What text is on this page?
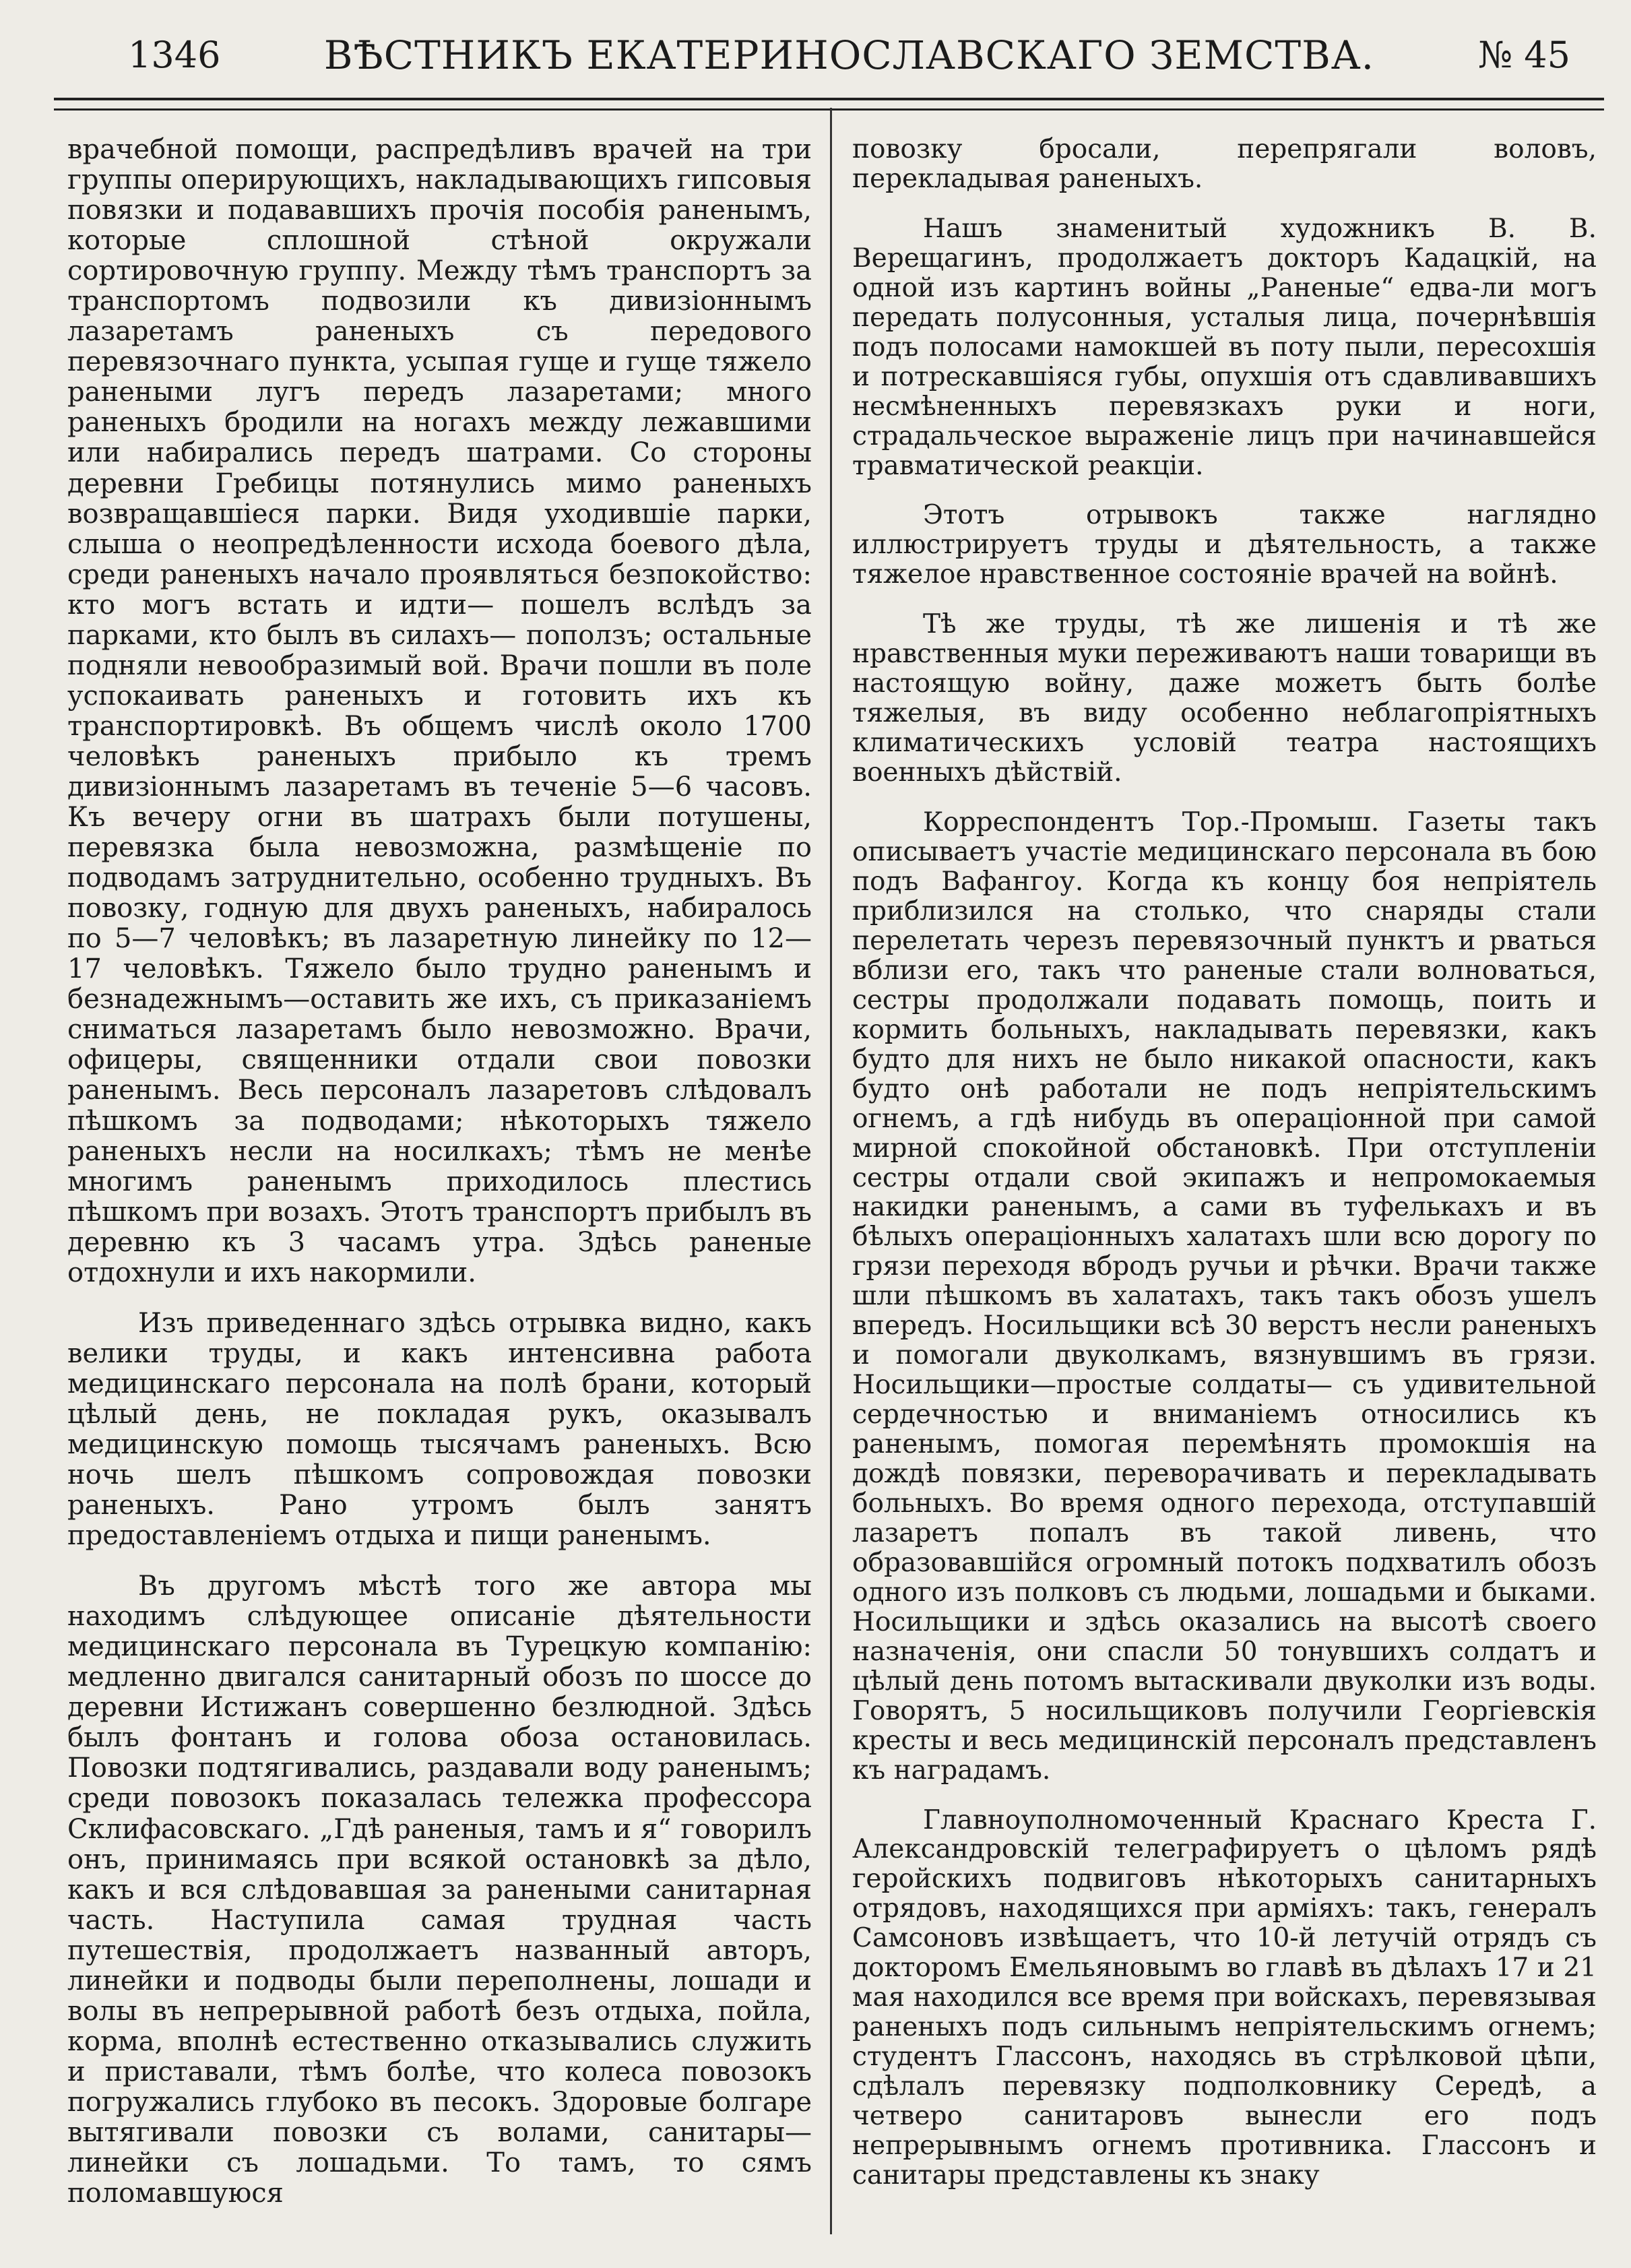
1346	ВѢСТНИКЪ ЕКАТЕРИНОСЛАВСКАГО ЗЕМСТВА.	№ 45

врачебной помощи, распредѣливъ врачей на три группы оперирующихъ, накладывающихъ гипсовыя повязки и подававшихъ прочія пособія раненымъ, которые сплошной стѣной окружали сортировочную группу. Между тѣмъ транспортъ за транспортомъ подвозили къ дивизіоннымъ лазаретамъ раненыхъ съ передового перевязочнаго пункта, усыпая гуще и гуще тяжело ранеными лугъ передъ лазаретами; много раненыхъ бродили на ногахъ между лежавшими или набирались передъ шатрами. Со стороны деревни Гребицы потянулись мимо раненыхъ возвращавшіеся парки. Видя уходившіе парки, слыша о неопредѣленности исхода боевого дѣла, среди раненыхъ начало проявляться безпокойство: кто могъ встать и идти— пошелъ вслѣдъ за парками, кто былъ въ силахъ— поползъ; остальные подняли невообразимый вой. Врачи пошли въ поле успокаивать раненыхъ и готовить ихъ къ транспортировкѣ. Въ общемъ числѣ около 1700 человѣкъ раненыхъ прибыло къ тремъ дивизіоннымъ лазаретамъ въ теченіе 5—6 часовъ. Къ вечеру огни въ шатрахъ были потушены, перевязка была невозможна, размѣщеніе по подводамъ затруднительно, особенно трудныхъ. Въ повозку, годную для двухъ раненыхъ, набиралось по 5—7 человѣкъ; въ лазаретную линейку по 12—17 человѣкъ. Тяжело было трудно раненымъ и безнадежнымъ—оставить же ихъ, съ приказаніемъ сниматься лазаретамъ было невозможно. Врачи, офицеры, священники отдали свои повозки раненымъ. Весь персоналъ лазаретовъ слѣдовалъ пѣшкомъ за подводами; нѣкоторыхъ тяжело раненыхъ несли на носилкахъ; тѣмъ не менѣе многимъ раненымъ приходилось плестись пѣшкомъ при возахъ. Этотъ транспортъ прибылъ въ деревню къ 3 часамъ утра. Здѣсь раненые отдохнули и ихъ накормили.

Изъ приведеннаго здѣсь отрывка видно, какъ велики труды, и какъ интенсивна работа медицинскаго персонала на полѣ брани, который цѣлый день, не покладая рукъ, оказывалъ медицинскую помощь тысячамъ раненыхъ. Всю ночь шелъ пѣшкомъ сопровождая повозки раненыхъ. Рано утромъ былъ занятъ предоставленіемъ отдыха и пищи раненымъ.

Въ другомъ мѣстѣ того же автора мы находимъ слѣдующее описаніе дѣятельности медицинскаго персонала въ Турецкую компанію: медленно двигался санитарный обозъ по шоссе до деревни Истижанъ совершенно безлюдной. Здѣсь былъ фонтанъ и голова обоза остановилась. Повозки подтягивались, раздавали воду раненымъ; среди повозокъ показалась тележка профессора Склифасовскаго. „Гдѣ раненыя, тамъ и я“ говорилъ онъ, принимаясь при всякой остановкѣ за дѣло, какъ и вся слѣдовавшая за ранеными санитарная часть. Наступила самая трудная часть путешествія, продолжаетъ названный авторъ, линейки и подводы были переполнены, лошади и волы въ непрерывной работѣ безъ отдыха, пойла, корма, вполнѣ естественно отказывались служить и приставали, тѣмъ болѣе, что колеса повозокъ погружались глубоко въ песокъ. Здоровые болгаре вытягивали повозки съ волами, санитары—линейки съ лошадьми. То тамъ, то сямъ поломавшуюся

повозку бросали, перепрягали воловъ, перекладывая раненыхъ.

Нашъ знаменитый художникъ В. В. Верещагинъ, продолжаетъ докторъ Кадацкій, на одной изъ картинъ войны „Раненые“ едва-ли могъ передать полусонныя, усталыя лица, почернѣвшія подъ полосами намокшей въ поту пыли, пересохшія и потрескавшіяся губы, опухшія отъ сдавливавшихъ несмѣненныхъ перевязкахъ руки и ноги, страдальческое выраженіе лицъ при начинавшейся травматической реакціи.

Этотъ отрывокъ также наглядно иллюстрируетъ труды и дѣятельность, а также тяжелое нравственное состояніе врачей на войнѣ.

Тѣ же труды, тѣ же лишенія и тѣ же нравственныя муки переживаютъ наши товарищи въ настоящую войну, даже можетъ быть болѣе тяжелыя, въ виду особенно неблагопріятныхъ климатическихъ условій театра настоящихъ военныхъ дѣйствій.

Корреспондентъ Тор.-Промыш. Газеты такъ описываетъ участіе медицинскаго персонала въ бою подъ Вафангоу. Когда къ концу боя непріятель приблизился на столько, что снаряды стали перелетать черезъ перевязочный пунктъ и рваться вблизи его, такъ что раненые стали волноваться, сестры продолжали подавать помощь, поить и кормить больныхъ, накладывать перевязки, какъ будто для нихъ не было никакой опасности, какъ будто онѣ работали не подъ непріятельскимъ огнемъ, а гдѣ нибудь въ операціонной при самой мирной спокойной обстановкѣ. При отступленіи сестры отдали свой экипажъ и непромокаемыя накидки раненымъ, а сами въ туфелькахъ и въ бѣлыхъ операціонныхъ халатахъ шли всю дорогу по грязи переходя вбродъ ручьи и рѣчки. Врачи также шли пѣшкомъ въ халатахъ, такъ такъ обозъ ушелъ впередъ. Носильщики всѣ 30 верстъ несли раненыхъ и помогали двуколкамъ, вязнувшимъ въ грязи. Носильщики—простые солдаты— съ удивительной сердечностью и вниманіемъ относились къ раненымъ, помогая перемѣнять промокшія на дождѣ повязки, переворачивать и перекладывать больныхъ. Во время одного перехода, отступавшій лазаретъ попалъ въ такой ливень, что образовавшійся огромный потокъ подхватилъ обозъ одного изъ полковъ съ людьми, лошадьми и быками. Носильщики и здѣсь оказались на высотѣ своего назначенія, они спасли 50 тонувшихъ солдатъ и цѣлый день потомъ вытаскивали двуколки изъ воды. Говорятъ, 5 носильщиковъ получили Георгіевскія кресты и весь медицинскій персоналъ представленъ къ наградамъ.

Главноуполномоченный Краснаго Креста Г. Александровскій телеграфируетъ о цѣломъ рядѣ геройскихъ подвиговъ нѣкоторыхъ санитарныхъ отрядовъ, находящихся при арміяхъ: такъ, генералъ Самсоновъ извѣщаетъ, что 10-й летучій отрядъ съ докторомъ Емельяновымъ во главѣ въ дѣлахъ 17 и 21 мая находился все время при войскахъ, перевязывая раненыхъ подъ сильнымъ непріятельскимъ огнемъ; студентъ Глассонъ, находясь въ стрѣлковой цѣпи, сдѣлалъ перевязку подполковнику Середѣ, а четверо санитаровъ вынесли его подъ непрерывнымъ огнемъ противника. Глассонъ и санитары представлены къ знаку
